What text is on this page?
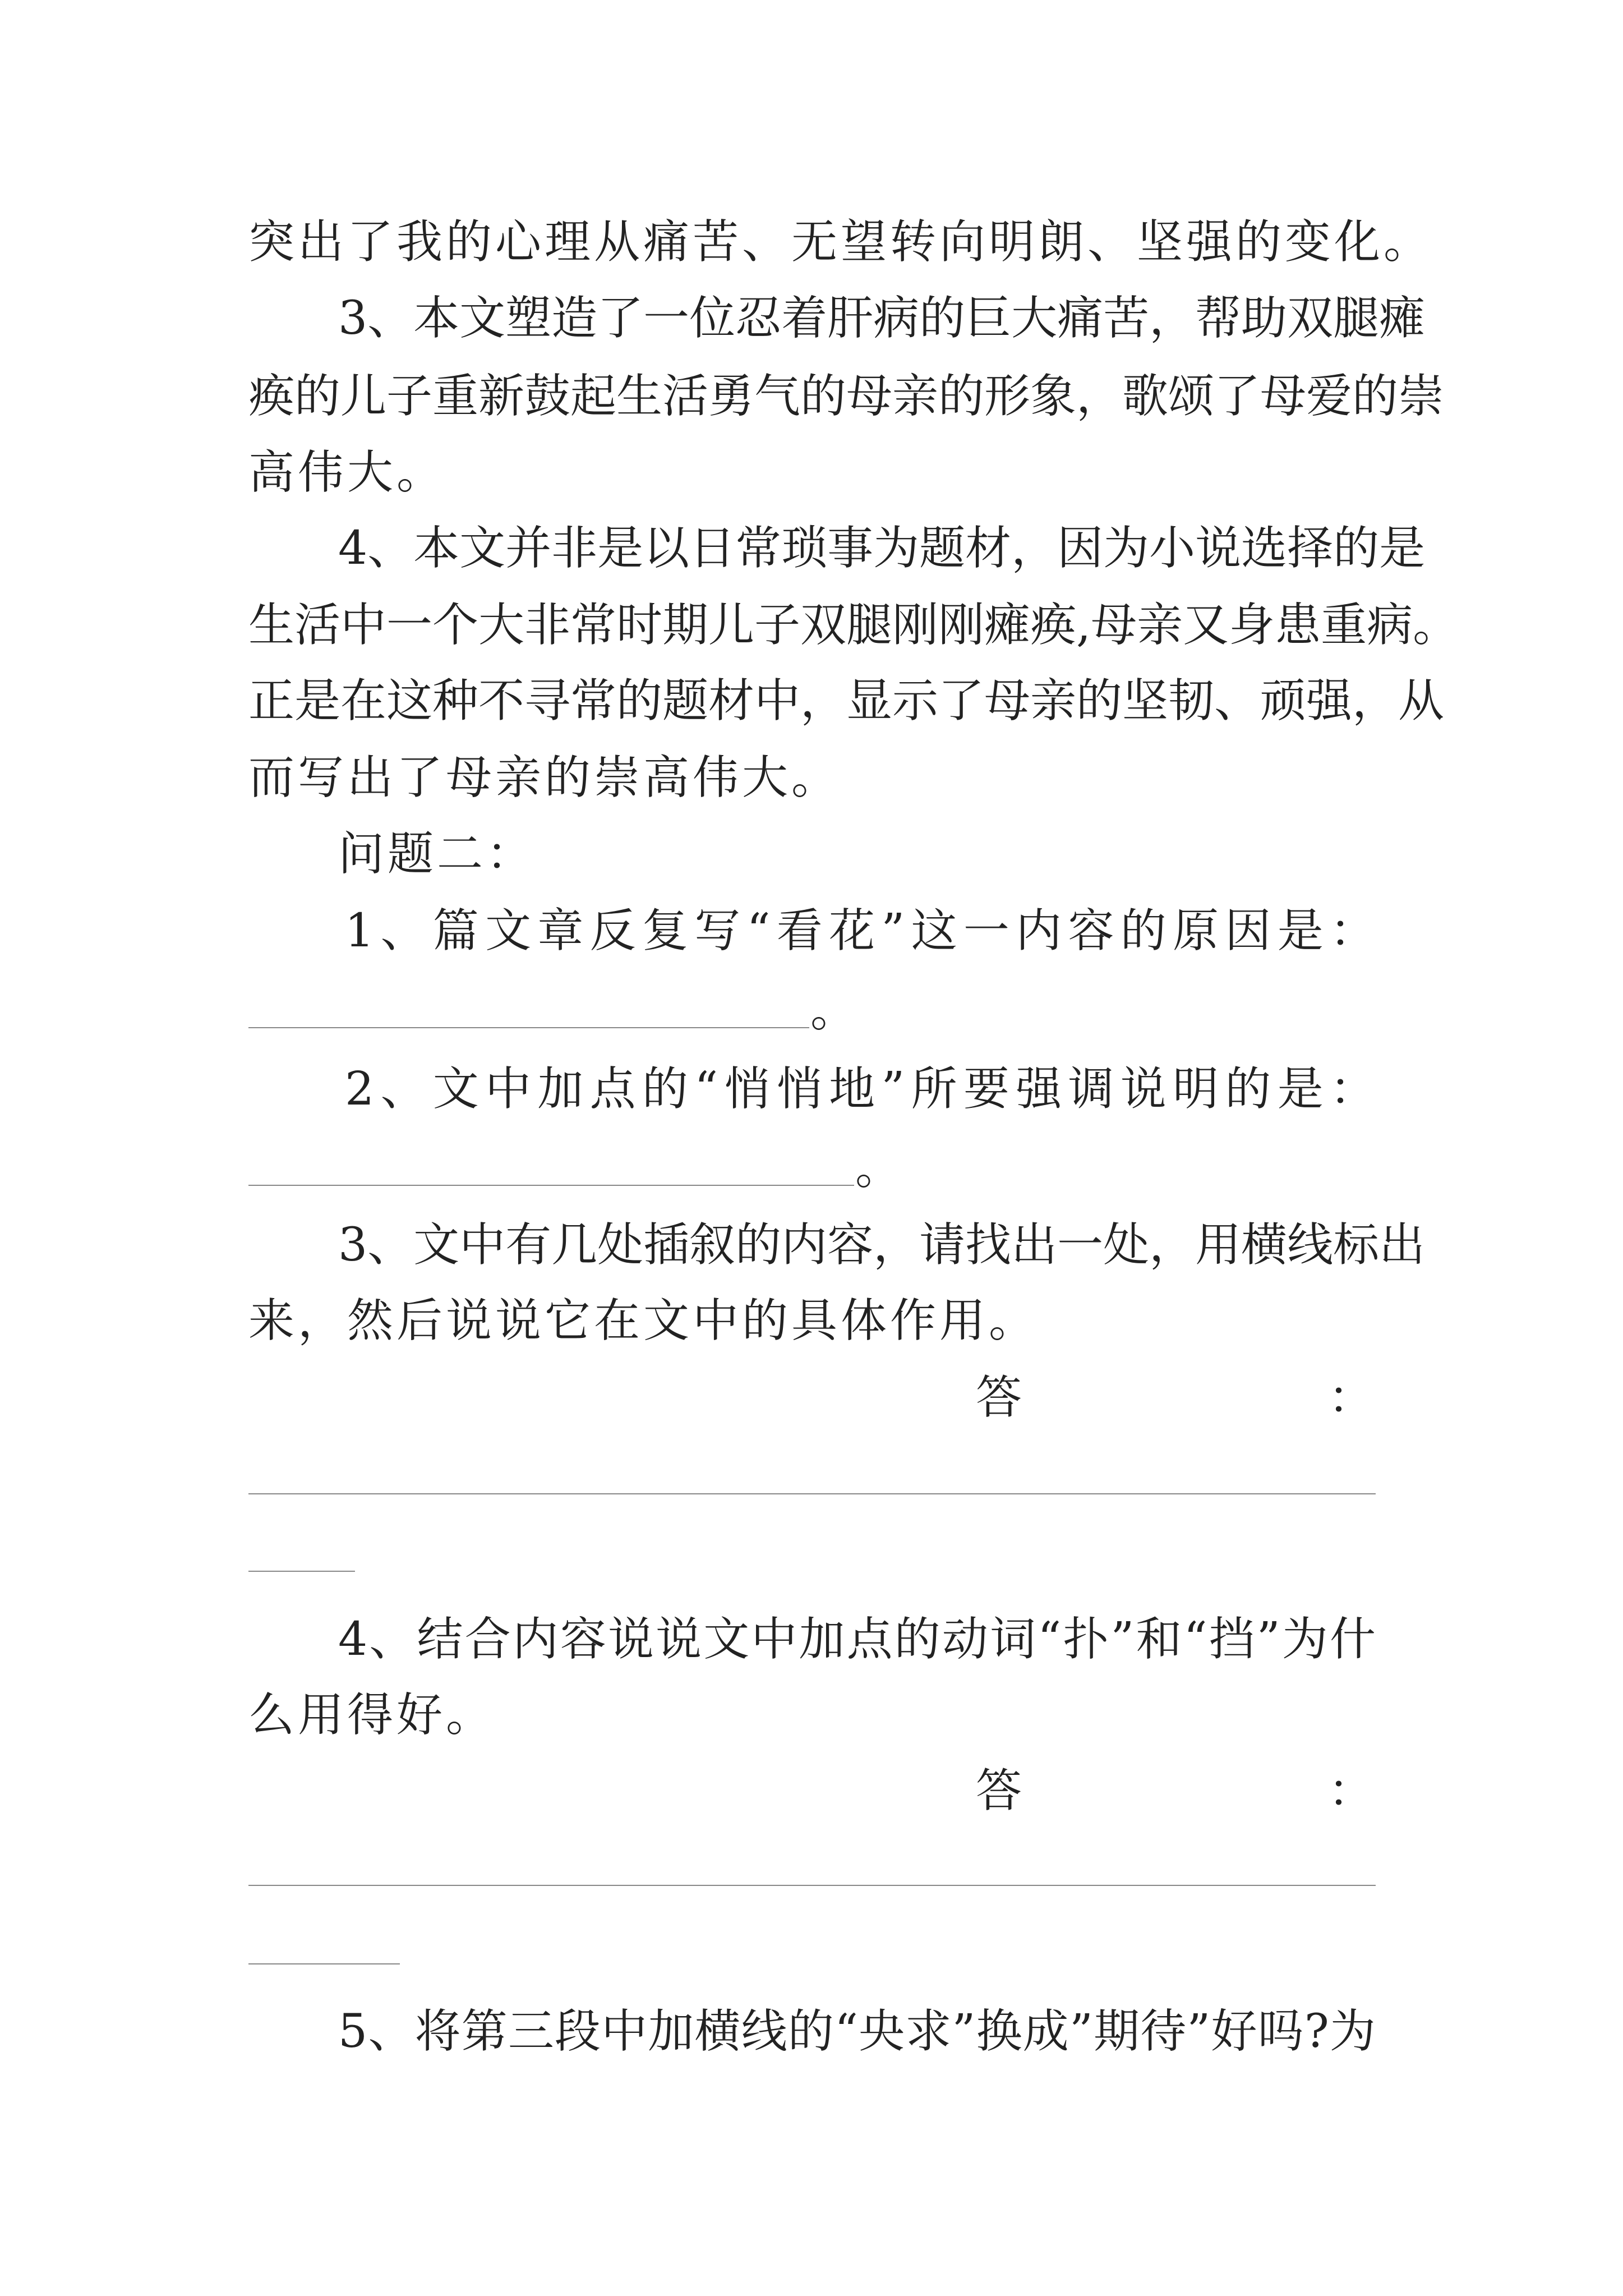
突出了我的心理从痛苦、无望转向明朗、坚强的变化。
3、本文塑造了一位忍着肝病的巨大痛苦，帮助双腿瘫
痪的儿子重新鼓起生活勇气的母亲的形象，歌颂了母爱的崇
高伟大。
4、本文并非是以日常琐事为题材，因为小说选择的是
生活中一个大非常时期儿子双腿刚刚瘫痪,母亲又身患重病。
正是在这种不寻常的题材中，显示了母亲的坚韧、顽强，从
而写出了母亲的崇高伟大。
问题二：
1、篇文章反复写“看花”这一内容的原因是：
。
2、文中加点的“悄悄地”所要强调说明的是：
。
3、文中有几处插叙的内容，请找出一处，用横线标出
来，然后说说它在文中的具体作用。
答	：
4、结合内容说说文中加点的动词“扑”和“挡”为什
么用得好。
答	：
5、将第三段中加横线的“央求”换成”期待”好吗?为
